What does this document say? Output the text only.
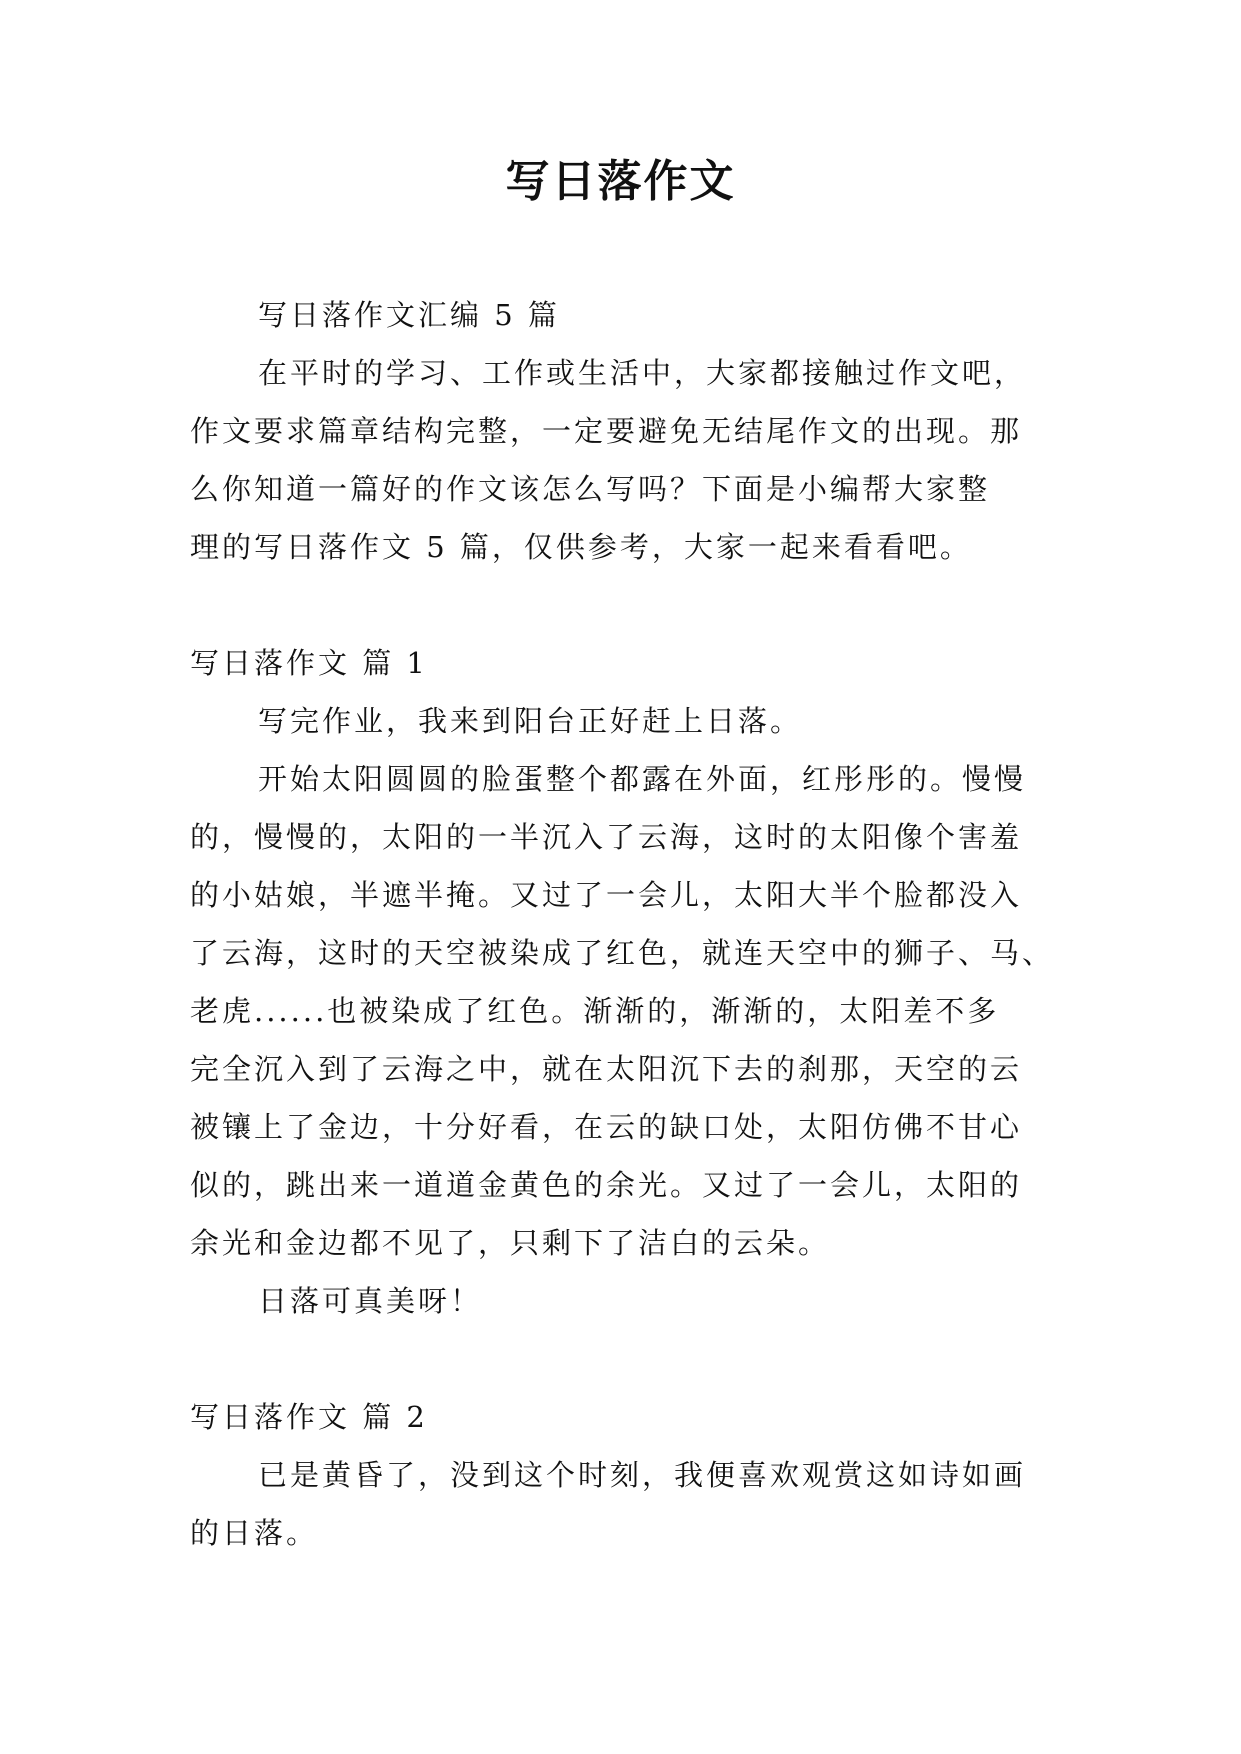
写日落作文
写日落作文汇编 5 篇
在平时的学习、工作或生活中，大家都接触过作文吧，
作文要求篇章结构完整，一定要避免无结尾作文的出现。那
么你知道一篇好的作文该怎么写吗？下面是小编帮大家整
理的写日落作文 5 篇，仅供参考，大家一起来看看吧。
写日落作文 篇 1
写完作业，我来到阳台正好赶上日落。
开始太阳圆圆的脸蛋整个都露在外面，红彤彤的。慢慢
的，慢慢的，太阳的一半沉入了云海，这时的太阳像个害羞
的小姑娘，半遮半掩。又过了一会儿，太阳大半个脸都没入
了云海，这时的天空被染成了红色，就连天空中的狮子、马、
老虎......也被染成了红色。渐渐的，渐渐的，太阳差不多
完全沉入到了云海之中，就在太阳沉下去的刹那，天空的云
被镶上了金边，十分好看，在云的缺口处，太阳仿佛不甘心
似的，跳出来一道道金黄色的余光。又过了一会儿，太阳的
余光和金边都不见了，只剩下了洁白的云朵。
日落可真美呀！
写日落作文 篇 2
已是黄昏了，没到这个时刻，我便喜欢观赏这如诗如画
的日落。
